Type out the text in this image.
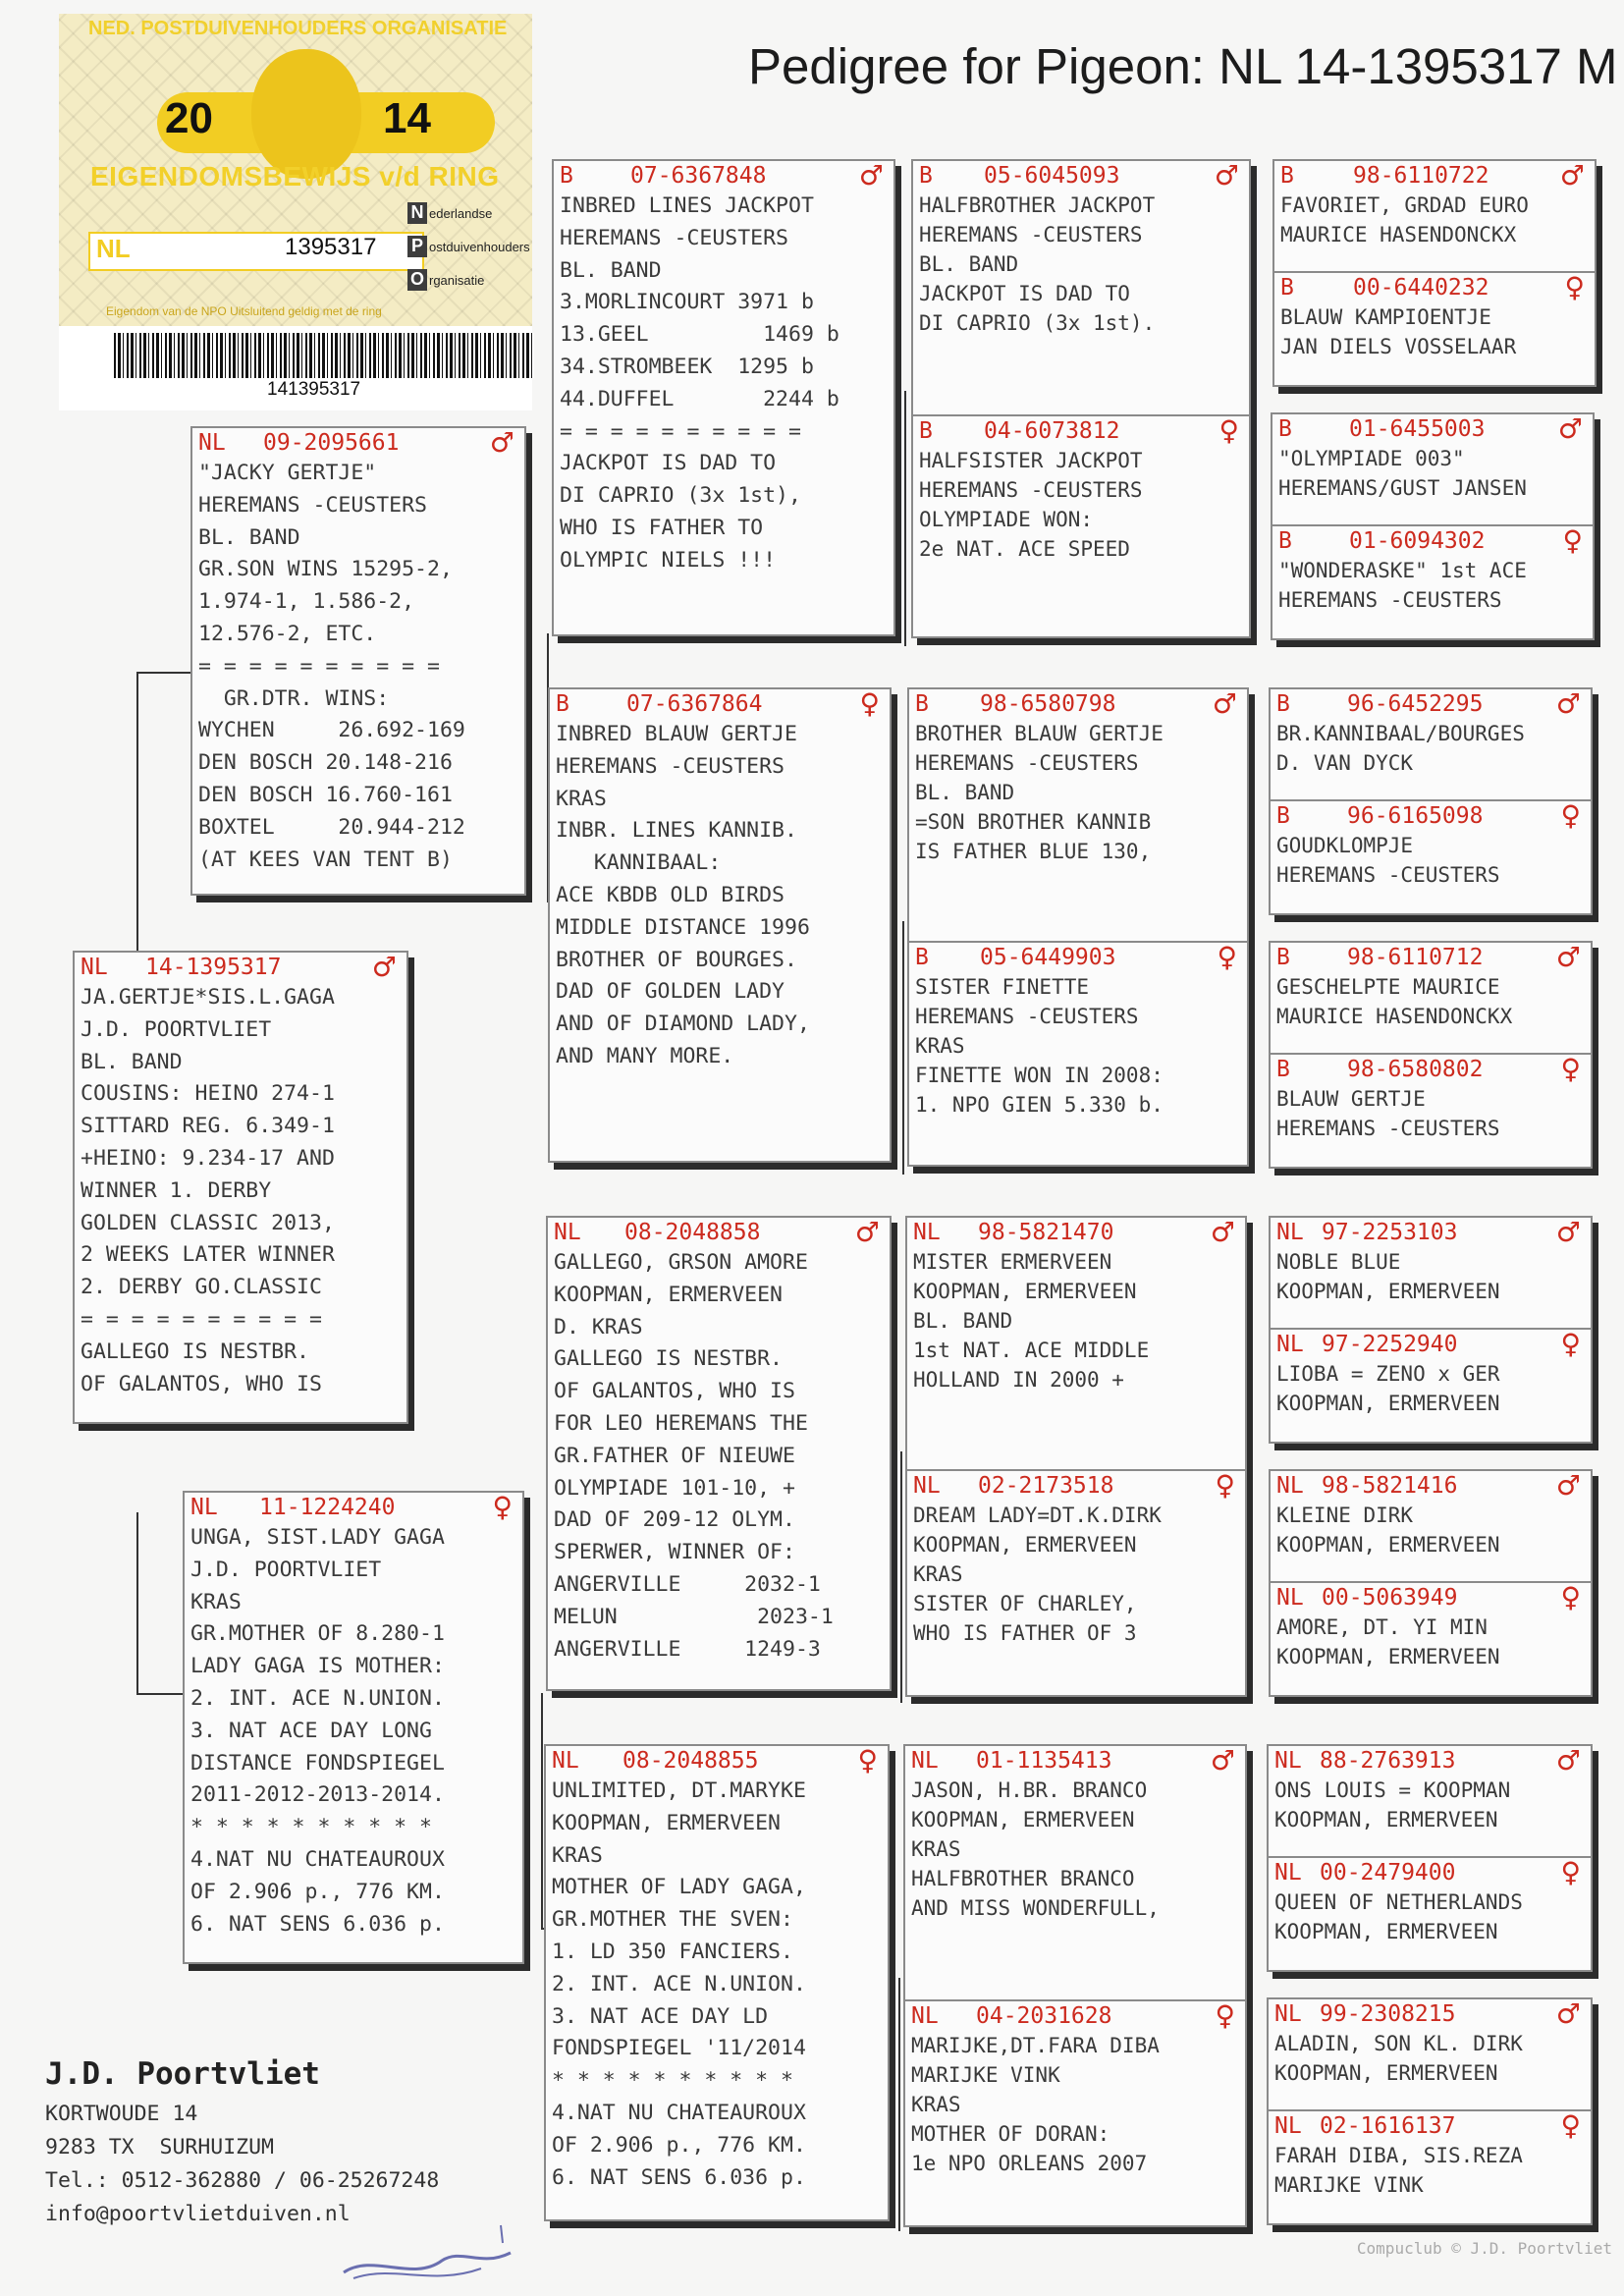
Pedigree for Pigeon: NL 14-1395317 M
NED. POSTDUIVENHOUDERS ORGANISATIE
20	14
EIGENDOMSBEWIJS v/d RING
NL	1395317
N ederlandse
P ostduivenhouders
O rganisatie
Eigendom van de NPO Uitsluitend geldig met de ring
141395317
NL 14-1395317	♂
JA.GERTJE*SIS.L.GAGA
J.D. POORTVLIET
BL. BAND
COUSINS: HEINO 274-1
SITTARD REG. 6.349-1
+HEINO: 9.234-17 AND
WINNER 1. DERBY
GOLDEN CLASSIC 2013,
2 WEEKS LATER WINNER
2. DERBY GO.CLASSIC
= = = = = = = = = =
GALLEGO IS NESTBR.
OF GALANTOS, WHO IS
NL 09-2095661	♂
"JACKY GERTJE"
HEREMANS -CEUSTERS
BL. BAND
GR.SON WINS 15295-2,
1.974-1, 1.586-2,
12.576-2, ETC.
= = = = = = = = = =
GR.DTR. WINS:
WYCHEN     26.692-169
DEN BOSCH 20.148-216
DEN BOSCH 16.760-161
BOXTEL     20.944-212
(AT KEES VAN TENT B)
NL 11-1224240	♀
UNGA, SIST.LADY GAGA
J.D. POORTVLIET
KRAS
GR.MOTHER OF 8.280-1
LADY GAGA IS MOTHER:
2. INT. ACE N.UNION.
3. NAT ACE DAY LONG
DISTANCE FONDSPIEGEL
2011-2012-2013-2014.
* * * * * * * * * *
4.NAT NU CHATEAUROUX
OF 2.906 p., 776 KM.
6. NAT SENS 6.036 p.
B	07-6367848	♂
INBRED LINES JACKPOT
HEREMANS -CEUSTERS
BL. BAND
3.MORLINCOURT 3971 b
13.GEEL         1469 b
34.STROMBEEK  1295 b
44.DUFFEL       2244 b
= = = = = = = = = =
JACKPOT IS DAD TO
DI CAPRIO (3x 1st),
WHO IS FATHER TO
OLYMPIC NIELS !!!
B	07-6367864	♀
INBRED BLAUW GERTJE
HEREMANS -CEUSTERS
KRAS
INBR. LINES KANNIB.
KANNIBAAL:
ACE KBDB OLD BIRDS
MIDDLE DISTANCE 1996
BROTHER OF BOURGES.
DAD OF GOLDEN LADY
AND OF DIAMOND LADY,
AND MANY MORE.
NL 08-2048858	♂
GALLEGO, GRSON AMORE
KOOPMAN, ERMERVEEN
D. KRAS
GALLEGO IS NESTBR.
OF GALANTOS, WHO IS
FOR LEO HEREMANS THE
GR.FATHER OF NIEUWE
OLYMPIADE 101-10, +
DAD OF 209-12 OLYM.
SPERWER, WINNER OF:
ANGERVILLE     2032-1
MELUN           2023-1
ANGERVILLE     1249-3
NL 08-2048855	♀
UNLIMITED, DT.MARYKE
KOOPMAN, ERMERVEEN
KRAS
MOTHER OF LADY GAGA,
GR.MOTHER THE SVEN:
1. LD 350 FANCIERS.
2. INT. ACE N.UNION.
3. NAT ACE DAY LD
FONDSPIEGEL '11/2014
* * * * * * * * * *
4.NAT NU CHATEAUROUX
OF 2.906 p., 776 KM.
6. NAT SENS 6.036 p.
B 05-6045093	♂
HALFBROTHER JACKPOT
HEREMANS -CEUSTERS
BL. BAND
JACKPOT IS DAD TO
DI CAPRIO (3x 1st).
B 04-6073812	♀
HALFSISTER JACKPOT
HEREMANS -CEUSTERS
OLYMPIADE WON:
2e NAT. ACE SPEED
B 98-6580798	♂
BROTHER BLAUW GERTJE
HEREMANS -CEUSTERS
BL. BAND
=SON BROTHER KANNIB
IS FATHER BLUE 130,
B 05-6449903	♀
SISTER FINETTE
HEREMANS -CEUSTERS
KRAS
FINETTE WON IN 2008:
1. NPO GIEN 5.330 b.
NL 98-5821470	♂
MISTER ERMERVEEN
KOOPMAN, ERMERVEEN
BL. BAND
1st NAT. ACE MIDDLE
HOLLAND IN 2000 +
NL 02-2173518	♀
DREAM LADY=DT.K.DIRK
KOOPMAN, ERMERVEEN
KRAS
SISTER OF CHARLEY,
WHO IS FATHER OF 3
NL 01-1135413	♂
JASON, H.BR. BRANCO
KOOPMAN, ERMERVEEN
KRAS
HALFBROTHER BRANCO
AND MISS WONDERFULL,
NL 04-2031628	♀
MARIJKE,DT.FARA DIBA
MARIJKE VINK
KRAS
MOTHER OF DORAN:
1e NPO ORLEANS 2007
B	98-6110722	♂
FAVORIET, GRDAD EURO
MAURICE HASENDONCKX
B	00-6440232	♀
BLAUW KAMPIOENTJE
JAN DIELS VOSSELAAR
B	01-6455003	♂
"OLYMPIADE 003"
HEREMANS/GUST JANSEN
B	01-6094302	♀
"WONDERASKE" 1st ACE
HEREMANS -CEUSTERS
B	96-6452295	♂
BR.KANNIBAAL/BOURGES
D. VAN DYCK
B	96-6165098	♀
GOUDKLOMPJE
HEREMANS -CEUSTERS
B	98-6110712	♂
GESCHELPTE MAURICE
MAURICE HASENDONCKX
B	98-6580802	♀
BLAUW GERTJE
HEREMANS -CEUSTERS
NL 97-2253103	♂
NOBLE BLUE
KOOPMAN, ERMERVEEN
NL 97-2252940	♀
LIOBA = ZENO x GER
KOOPMAN, ERMERVEEN
NL 98-5821416	♂
KLEINE DIRK
KOOPMAN, ERMERVEEN
NL 00-5063949	♀
AMORE, DT. YI MIN
KOOPMAN, ERMERVEEN
NL 88-2763913	♂
ONS LOUIS = KOOPMAN
KOOPMAN, ERMERVEEN
NL 00-2479400	♀
QUEEN OF NETHERLANDS
KOOPMAN, ERMERVEEN
NL 99-2308215	♂
ALADIN, SON KL. DIRK
KOOPMAN, ERMERVEEN
NL 02-1616137	♀
FARAH DIBA, SIS.REZA
MARIJKE VINK
J.D. Poortvliet
KORTWOUDE 14
9283 TX  SURHUIZUM
Tel.: 0512-362880 / 06-25267248
info@poortvlietduiven.nl
Compuclub © J.D. Poortvliet
